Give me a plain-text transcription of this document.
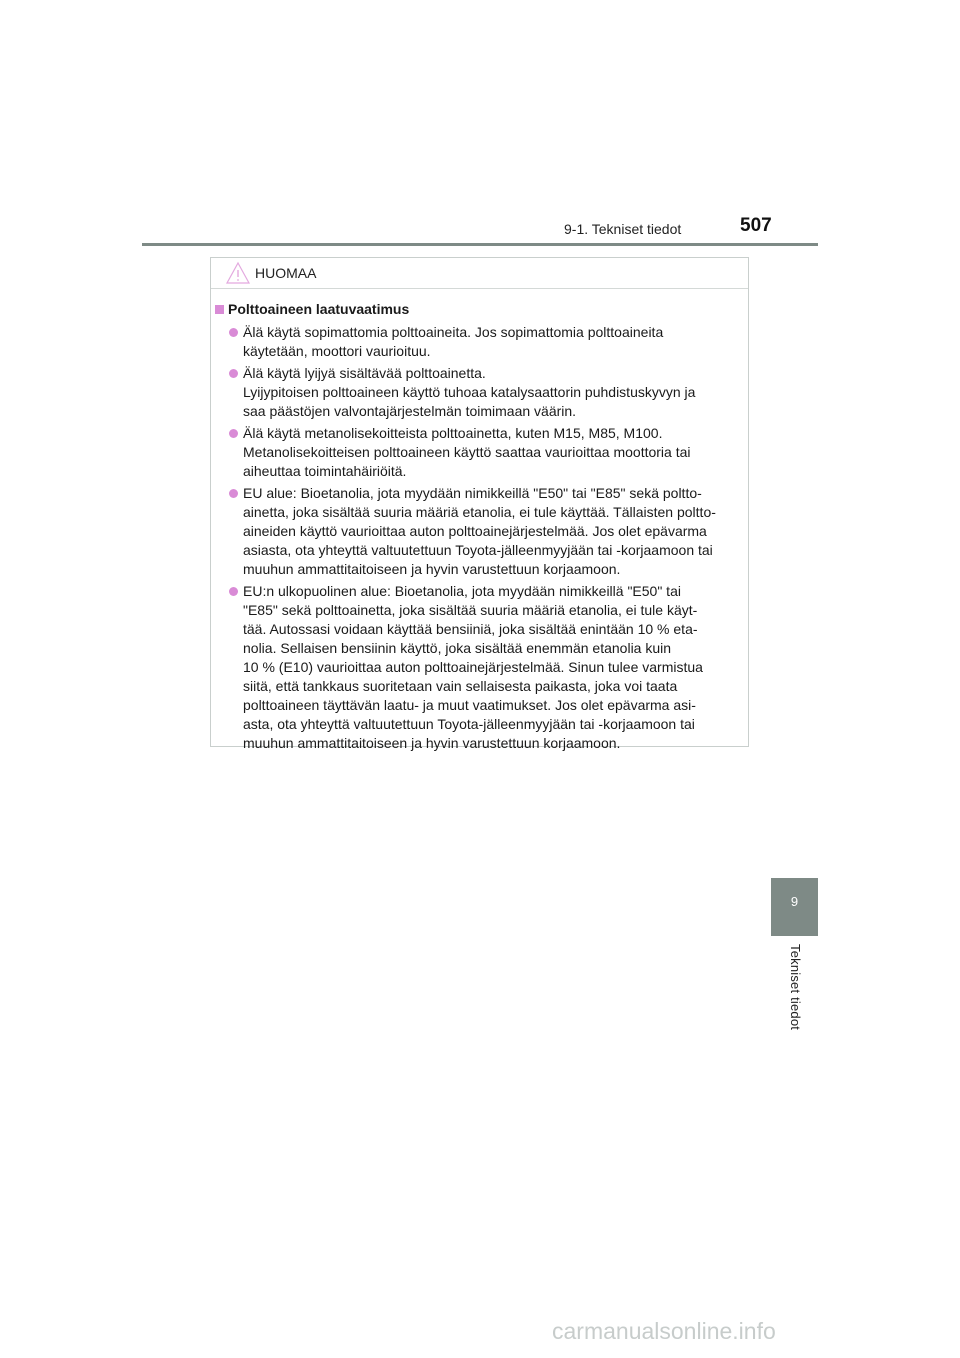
9-1. Tekniset tiedot	507
HUOMAA
Polttoaineen laatuvaatimus
Älä käytä sopimattomia polttoaineita. Jos sopimattomia polttoaineita
käytetään, moottori vaurioituu.
Älä käytä lyijyä sisältävää polttoainetta.
Lyijypitoisen polttoaineen käyttö tuhoaa katalysaattorin puhdistuskyvyn ja
saa päästöjen valvontajärjestelmän toimimaan väärin.
Älä käytä metanolisekoitteista polttoainetta, kuten M15, M85, M100.
Metanolisekoitteisen polttoaineen käyttö saattaa vaurioittaa moottoria tai
aiheuttaa toimintahäiriöitä.
EU alue: Bioetanolia, jota myydään nimikkeillä "E50" tai "E85" sekä poltto-
ainetta, joka sisältää suuria määriä etanolia, ei tule käyttää. Tällaisten poltto-
aineiden käyttö vaurioittaa auton polttoainejärjestelmää. Jos olet epävarma
asiasta, ota yhteyttä valtuutettuun Toyota-jälleenmyyjään tai -korjaamoon tai
muuhun ammattitaitoiseen ja hyvin varustettuun korjaamoon.
EU:n ulkopuolinen alue: Bioetanolia, jota myydään nimikkeillä "E50" tai
"E85" sekä polttoainetta, joka sisältää suuria määriä etanolia, ei tule käyt-
tää. Autossasi voidaan käyttää bensiiniä, joka sisältää enintään 10 % eta-
nolia. Sellaisen bensiinin käyttö, joka sisältää enemmän etanolia kuin
10 % (E10) vaurioittaa auton polttoainejärjestelmää. Sinun tulee varmistua
siitä, että tankkaus suoritetaan vain sellaisesta paikasta, joka voi taata
polttoaineen täyttävän laatu- ja muut vaatimukset. Jos olet epävarma asi-
asta, ota yhteyttä valtuutettuun Toyota-jälleenmyyjään tai -korjaamoon tai
muuhun ammattitaitoiseen ja hyvin varustettuun korjaamoon.
9
Tekniset tiedot
carmanualsonline.info
